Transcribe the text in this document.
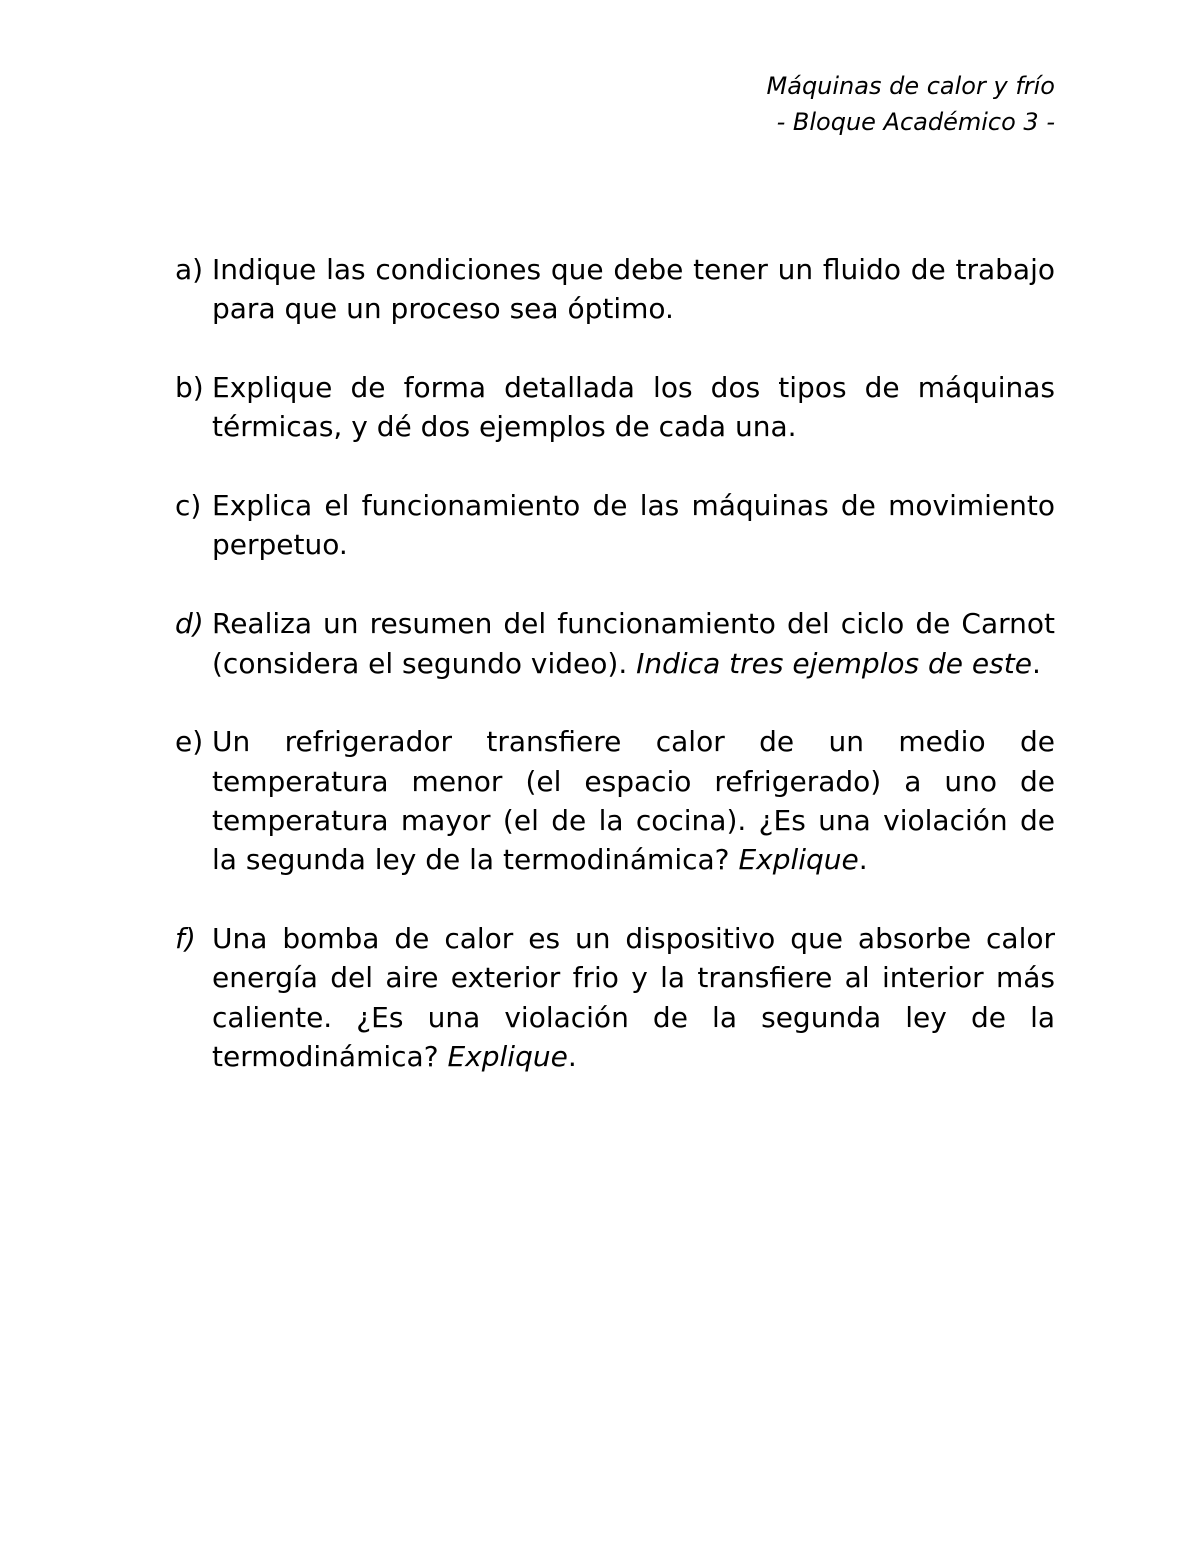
Máquinas de calor y frío
- Bloque Académico 3 -
a) Indique las condiciones que debe tener un fluido de trabajo para que un proceso sea óptimo.
b) Explique de forma detallada los dos tipos de máquinas térmicas, y dé dos ejemplos de cada una.
c) Explica el funcionamiento de las máquinas de movimiento perpetuo.
d) Realiza un resumen del funcionamiento del ciclo de Carnot (considera el segundo video). Indica tres ejemplos de este.
e) Un refrigerador transfiere calor de un medio de temperatura menor (el espacio refrigerado) a uno de temperatura mayor (el de la cocina). ¿Es una violación de la segunda ley de la termodinámica? Explique.
f) Una bomba de calor es un dispositivo que absorbe calor energía del aire exterior frio y la transfiere al interior más caliente. ¿Es una violación de la segunda ley de la termodinámica? Explique.
